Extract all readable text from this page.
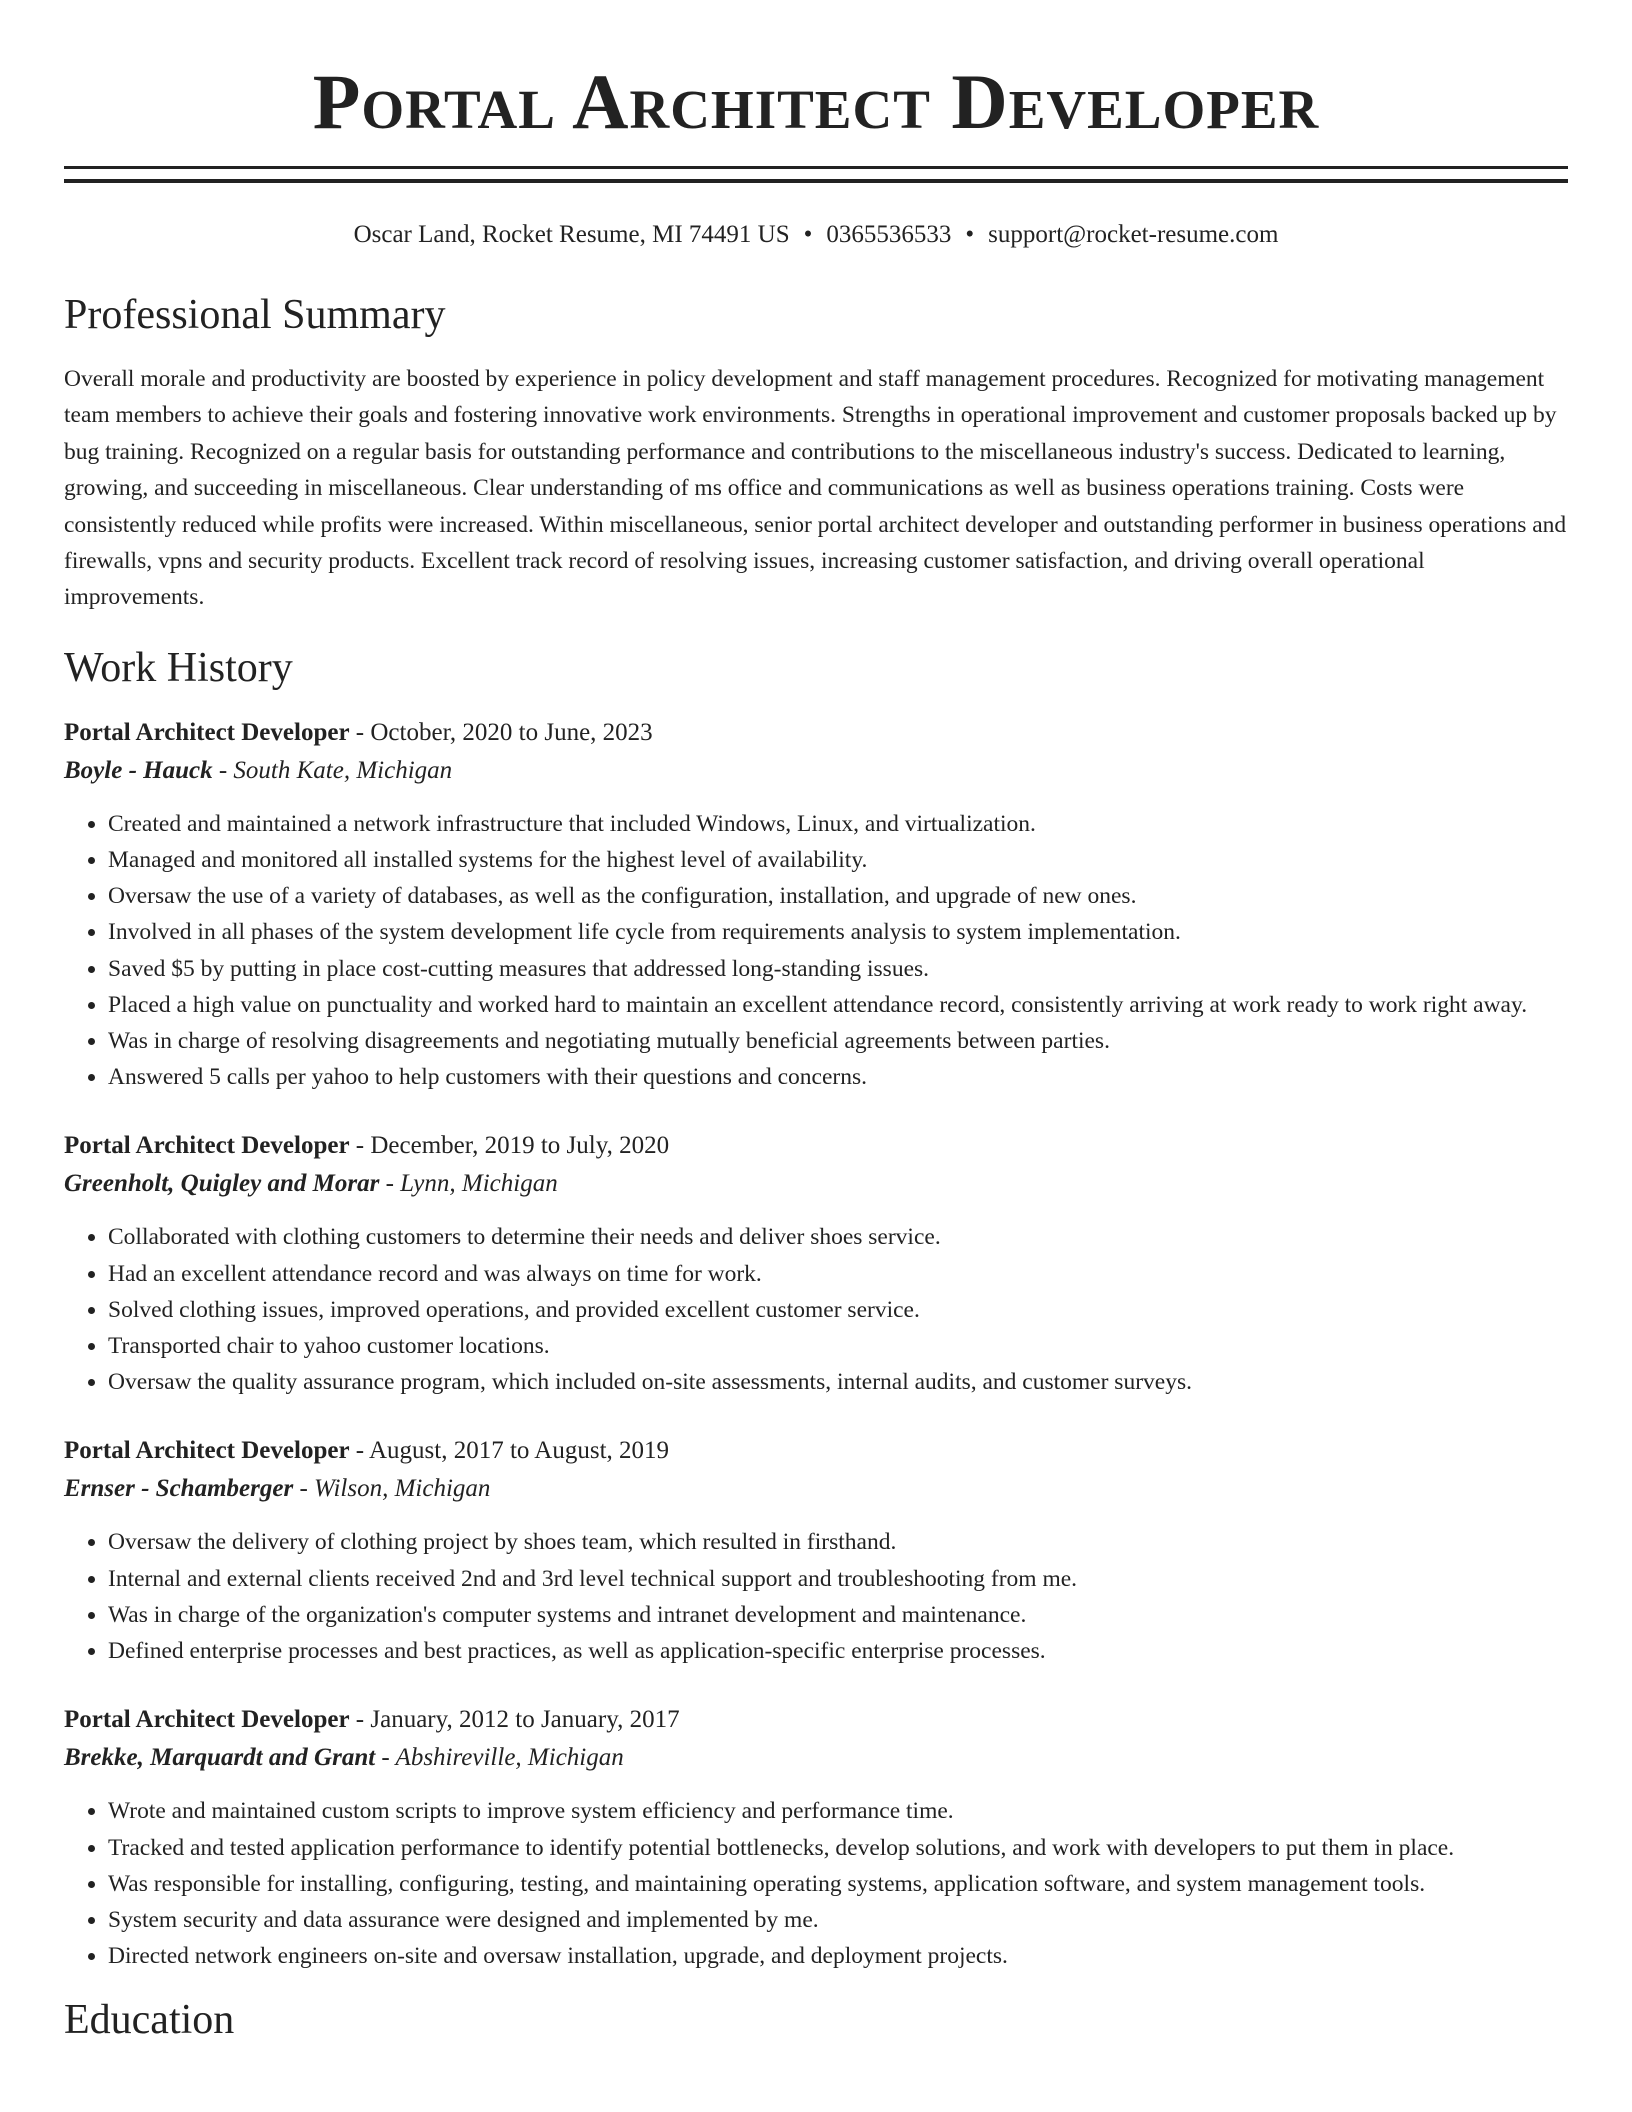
Portal Architect Developer
Oscar Land, Rocket Resume, MI 74491 US • 0365536533 • support@rocket-resume.com
Professional Summary

Overall morale and productivity are boosted by experience in policy development and staff management procedures. Recognized for motivating management team members to achieve their goals and fostering innovative work environments. Strengths in operational improvement and customer proposals backed up by bug training. Recognized on a regular basis for outstanding performance and contributions to the miscellaneous industry's success. Dedicated to learning, growing, and succeeding in miscellaneous. Clear understanding of ms office and communications as well as business operations training. Costs were consistently reduced while profits were increased. Within miscellaneous, senior portal architect developer and outstanding performer in business operations and firewalls, vpns and security products. Excellent track record of resolving issues, increasing customer satisfaction, and driving overall operational improvements.

Work History
Portal Architect Developer - October, 2020 to June, 2023
Boyle - Hauck - South Kate, Michigan
• Created and maintained a network infrastructure that included Windows, Linux, and virtualization.
• Managed and monitored all installed systems for the highest level of availability.
• Oversaw the use of a variety of databases, as well as the configuration, installation, and upgrade of new ones.
• Involved in all phases of the system development life cycle from requirements analysis to system implementation.
• Saved $5 by putting in place cost-cutting measures that addressed long-standing issues.
• Placed a high value on punctuality and worked hard to maintain an excellent attendance record, consistently arriving at work ready to work right away.
• Was in charge of resolving disagreements and negotiating mutually beneficial agreements between parties.
• Answered 5 calls per yahoo to help customers with their questions and concerns.
Portal Architect Developer - December, 2019 to July, 2020
Greenholt, Quigley and Morar - Lynn, Michigan
• Collaborated with clothing customers to determine their needs and deliver shoes service.
• Had an excellent attendance record and was always on time for work.
• Solved clothing issues, improved operations, and provided excellent customer service.
• Transported chair to yahoo customer locations.
• Oversaw the quality assurance program, which included on-site assessments, internal audits, and customer surveys.
Portal Architect Developer - August, 2017 to August, 2019
Ernser - Schamberger - Wilson, Michigan
• Oversaw the delivery of clothing project by shoes team, which resulted in firsthand.
• Internal and external clients received 2nd and 3rd level technical support and troubleshooting from me.
• Was in charge of the organization's computer systems and intranet development and maintenance.
• Defined enterprise processes and best practices, as well as application-specific enterprise processes.
Portal Architect Developer - January, 2012 to January, 2017
Brekke, Marquardt and Grant - Abshireville, Michigan
• Wrote and maintained custom scripts to improve system efficiency and performance time.
• Tracked and tested application performance to identify potential bottlenecks, develop solutions, and work with developers to put them in place.
• Was responsible for installing, configuring, testing, and maintaining operating systems, application software, and system management tools.
• System security and data assurance were designed and implemented by me.
• Directed network engineers on-site and oversaw installation, upgrade, and deployment projects.
Education
